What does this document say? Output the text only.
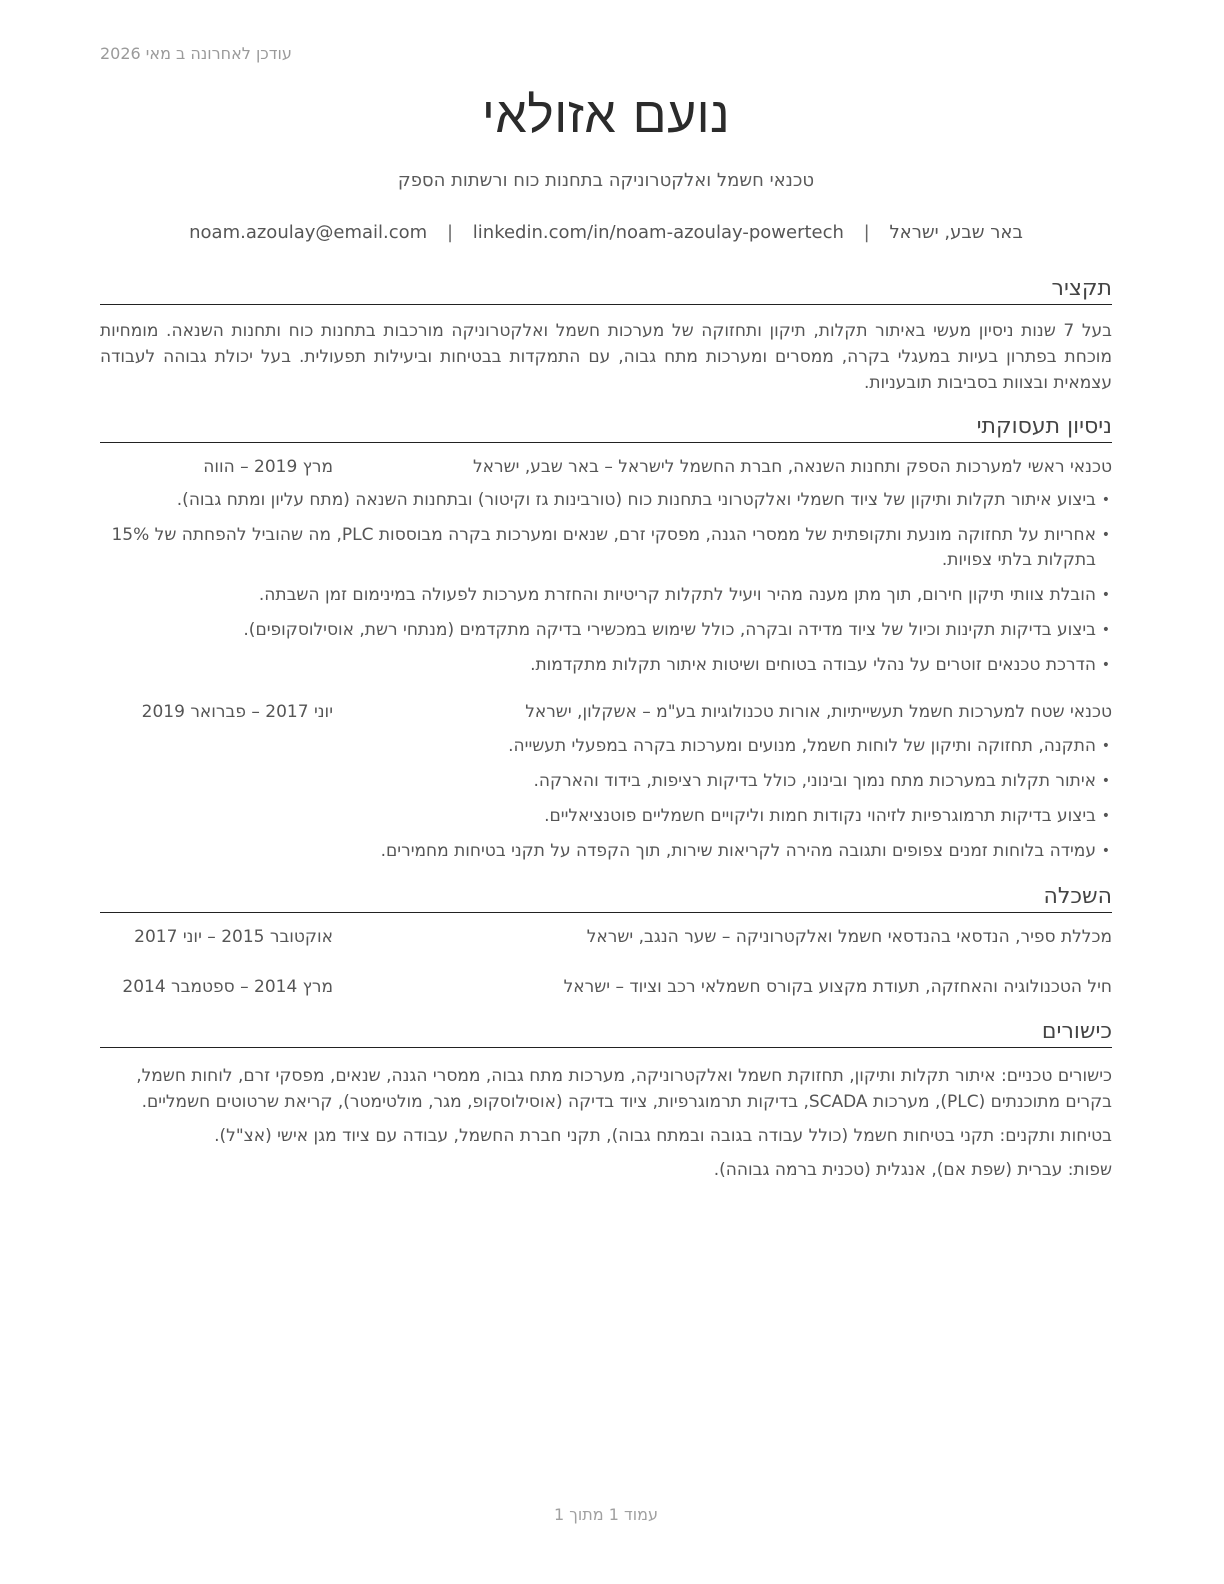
עודכן לאחרונה ב מאי 2026
נועם אזולאי
טכנאי חשמל ואלקטרוניקה בתחנות כוח ורשתות הספק
באר שבע, ישראל | noam.azoulay@email.com | linkedin.com/in/noam-azoulay-powertech
תקציר
בעל 7 שנות ניסיון מעשי באיתור תקלות, תיקון ותחזוקה של מערכות חשמל ואלקטרוניקה מורכבות בתחנות כוח ותחנות השנאה. מומחיות מוכחת בפתרון בעיות במעגלי בקרה, ממסרים ומערכות מתח גבוה, עם התמקדות בבטיחות וביעילות תפעולית. בעל יכולת גבוהה לעבודה עצמאית ובצוות בסביבות תובעניות.
ניסיון תעסוקתי
טכנאי ראשי למערכות הספק ותחנות השנאה, חברת החשמל לישראל – באר שבע, ישראל
מרץ 2019 – הווה
• ביצוע איתור תקלות ותיקון של ציוד חשמלי ואלקטרוני בתחנות כוח (טורבינות גז וקיטור) ובתחנות השנאה (מתח עליון ומתח גבוה).
• אחריות על תחזוקה מונעת ותקופתית של ממסרי הגנה, מפסקי זרם, שנאים ומערכות בקרה מבוססות PLC, מה שהוביל להפחתה של 15% בתקלות בלתי צפויות.
• הובלת צוותי תיקון חירום, תוך מתן מענה מהיר ויעיל לתקלות קריטיות והחזרת מערכות לפעולה במינימום זמן השבתה.
• ביצוע בדיקות תקינות וכיול של ציוד מדידה ובקרה, כולל שימוש במכשירי בדיקה מתקדמים (מנתחי רשת, אוסילוסקופים).
• הדרכת טכנאים זוטרים על נהלי עבודה בטוחים ושיטות איתור תקלות מתקדמות.
טכנאי שטח למערכות חשמל תעשייתיות, אורות טכנולוגיות בע"מ – אשקלון, ישראל
יוני 2017 – פברואר 2019
• התקנה, תחזוקה ותיקון של לוחות חשמל, מנועים ומערכות בקרה במפעלי תעשייה.
• איתור תקלות במערכות מתח נמוך ובינוני, כולל בדיקות רציפות, בידוד והארקה.
• ביצוע בדיקות תרמוגרפיות לזיהוי נקודות חמות וליקויים חשמליים פוטנציאליים.
• עמידה בלוחות זמנים צפופים ותגובה מהירה לקריאות שירות, תוך הקפדה על תקני בטיחות מחמירים.
השכלה
מכללת ספיר, הנדסאי בהנדסאי חשמל ואלקטרוניקה – שער הנגב, ישראל
אוקטובר 2015 – יוני 2017
חיל הטכנולוגיה והאחזקה, תעודת מקצוע בקורס חשמלאי רכב וציוד – ישראל
מרץ 2014 – ספטמבר 2014
כישורים
כישורים טכניים: איתור תקלות ותיקון, תחזוקת חשמל ואלקטרוניקה, מערכות מתח גבוה, ממסרי הגנה, שנאים, מפסקי זרם, לוחות חשמל, בקרים מתוכנתים (PLC), מערכות SCADA, בדיקות תרמוגרפיות, ציוד בדיקה (אוסילוסקופ, מגר, מולטימטר), קריאת שרטוטים חשמליים.
בטיחות ותקנים: תקני בטיחות חשמל (כולל עבודה בגובה ובמתח גבוה), תקני חברת החשמל, עבודה עם ציוד מגן אישי (אצ"ל).
שפות: עברית (שפת אם), אנגלית (טכנית ברמה גבוהה).
עמוד 1 מתוך 1
